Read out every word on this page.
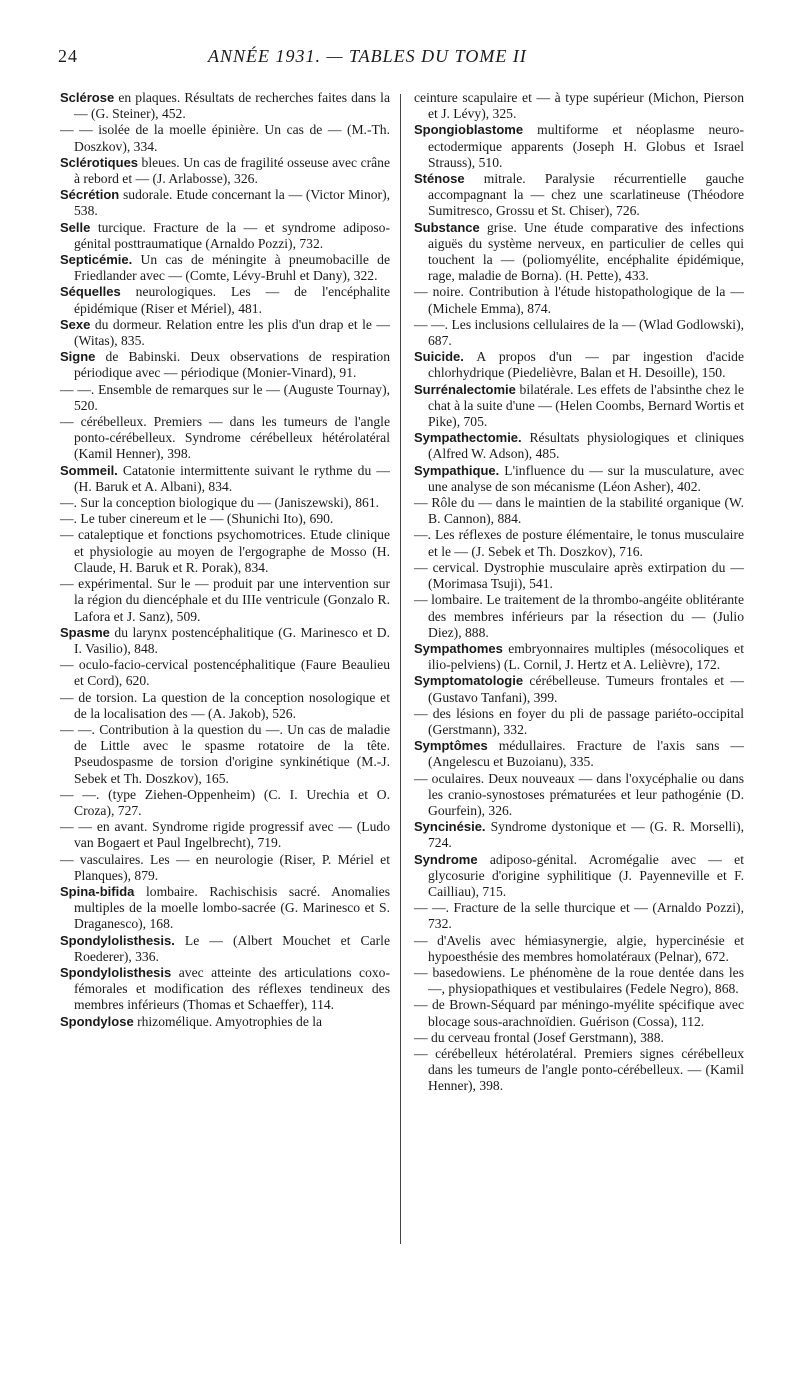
24	ANNÉE 1931. — TABLES DU TOME II

Sclérose en plaques. Résultats de recherches faites dans la — (G. Steiner), 452.

— — isolée de la moelle épinière. Un cas de — (M.-Th. Doszkov), 334.

Sclérotiques bleues. Un cas de fragilité osseuse avec crâne à rebord et — (J. Arlabosse), 326.

Sécrétion sudorale. Etude concernant la — (Victor Minor), 538.

Selle turcique. Fracture de la — et syndrome adiposo-génital posttraumatique (Arnaldo Pozzi), 732.

Septicémie. Un cas de méningite à pneumobacille de Friedlander avec — (Comte, Lévy-Bruhl et Dany), 322.

Séquelles neurologiques. Les — de l'encéphalite épidémique (Riser et Mériel), 481.

Sexe du dormeur. Relation entre les plis d'un drap et le — (Witas), 835.

Signe de Babinski. Deux observations de respiration périodique avec — périodique (Monier-Vinard), 91.

— —. Ensemble de remarques sur le — (Auguste Tournay), 520.

— cérébelleux. Premiers — dans les tumeurs de l'angle ponto-cérébelleux. Syndrome cérébelleux hétérolatéral (Kamil Henner), 398.

Sommeil. Catatonie intermittente suivant le rythme du — (H. Baruk et A. Albani), 834.

—. Sur la conception biologique du — (Janiszewski), 861.

—. Le tuber cinereum et le — (Shunichi Ito), 690.

— cataleptique et fonctions psychomotrices. Etude clinique et physiologie au moyen de l'ergographe de Mosso (H. Claude, H. Baruk et R. Porak), 834.

— expérimental. Sur le — produit par une intervention sur la région du diencéphale et du IIIe ventricule (Gonzalo R. Lafora et J. Sanz), 509.

Spasme du larynx postencéphalitique (G. Marinesco et D. I. Vasilio), 848.

— oculo-facio-cervical postencéphalitique (Faure Beaulieu et Cord), 620.

— de torsion. La question de la conception nosologique et de la localisation des — (A. Jakob), 526.

— —. Contribution à la question du —. Un cas de maladie de Little avec le spasme rotatoire de la tête. Pseudospasme de torsion d'origine synkinétique (M.-J. Sebek et Th. Doszkov), 165.

— —. (type Ziehen-Oppenheim) (C. I. Urechia et O. Croza), 727.

— — en avant. Syndrome rigide progressif avec — (Ludo van Bogaert et Paul Ingelbrecht), 719.

— vasculaires. Les — en neurologie (Riser, P. Mériel et Planques), 879.

Spina-bifida lombaire. Rachischisis sacré. Anomalies multiples de la moelle lombo-sacrée (G. Marinesco et S. Draganesco), 168.

Spondylolisthesis. Le — (Albert Mouchet et Carle Roederer), 336.

Spondylolisthesis avec atteinte des articulations coxo-fémorales et modification des réflexes tendineux des membres inférieurs (Thomas et Schaeffer), 114.

Spondylose rhizomélique. Amyotrophies de la

ceinture scapulaire et — à type supérieur (Michon, Pierson et J. Lévy), 325.

Spongioblastome multiforme et néoplasme neuro-ectodermique apparents (Joseph H. Globus et Israel Strauss), 510.

Sténose mitrale. Paralysie récurrentielle gauche accompagnant la — chez une scarlatineuse (Théodore Sumitresco, Grossu et St. Chiser), 726.

Substance grise. Une étude comparative des infections aiguës du système nerveux, en particulier de celles qui touchent la — (poliomyélite, encéphalite épidémique, rage, maladie de Borna). (H. Pette), 433.

— noire. Contribution à l'étude histopathologique de la — (Michele Emma), 874.

— —. Les inclusions cellulaires de la — (Wlad Godlowski), 687.

Suicide. A propos d'un — par ingestion d'acide chlorhydrique (Piedelièvre, Balan et H. Desoille), 150.

Surrénalectomie bilatérale. Les effets de l'absinthe chez le chat à la suite d'une — (Helen Coombs, Bernard Wortis et Pike), 705.

Sympathectomie. Résultats physiologiques et cliniques (Alfred W. Adson), 485.

Sympathique. L'influence du — sur la musculature, avec une analyse de son mécanisme (Léon Asher), 402.

— Rôle du — dans le maintien de la stabilité organique (W. B. Cannon), 884.

—. Les réflexes de posture élémentaire, le tonus musculaire et le — (J. Sebek et Th. Doszkov), 716.

— cervical. Dystrophie musculaire après extirpation du — (Morimasa Tsuji), 541.

— lombaire. Le traitement de la thrombo-angéite oblitérante des membres inférieurs par la résection du — (Julio Diez), 888.

Sympathomes embryonnaires multiples (mésocoliques et ilio-pelviens) (L. Cornil, J. Hertz et A. Lelièvre), 172.

Symptomatologie cérébelleuse. Tumeurs frontales et — (Gustavo Tanfani), 399.

— des lésions en foyer du pli de passage pariéto-occipital (Gerstmann), 332.

Symptômes médullaires. Fracture de l'axis sans — (Angelescu et Buzoianu), 335.

— oculaires. Deux nouveaux — dans l'oxycéphalie ou dans les cranio-synostoses prématurées et leur pathogénie (D. Gourfein), 326.

Syncinésie. Syndrome dystonique et — (G. R. Morselli), 724.

Syndrome adiposo-génital. Acromégalie avec — et glycosurie d'origine syphilitique (J. Payenneville et F. Cailliau), 715.

— —. Fracture de la selle thurcique et — (Arnaldo Pozzi), 732.

— d'Avelis avec hémiasynergie, algie, hypercinésie et hypoesthésie des membres homolatéraux (Pelnar), 672.

— basedowiens. Le phénomène de la roue dentée dans les —, physiopathiques et vestibulaires (Fedele Negro), 868.

— de Brown-Séquard par méningo-myélite spécifique avec blocage sous-arachnoïdien. Guérison (Cossa), 112.

— du cerveau frontal (Josef Gerstmann), 388.

— cérébelleux hétérolatéral. Premiers signes cérébelleux dans les tumeurs de l'angle ponto-cérébelleux. — (Kamil Henner), 398.
